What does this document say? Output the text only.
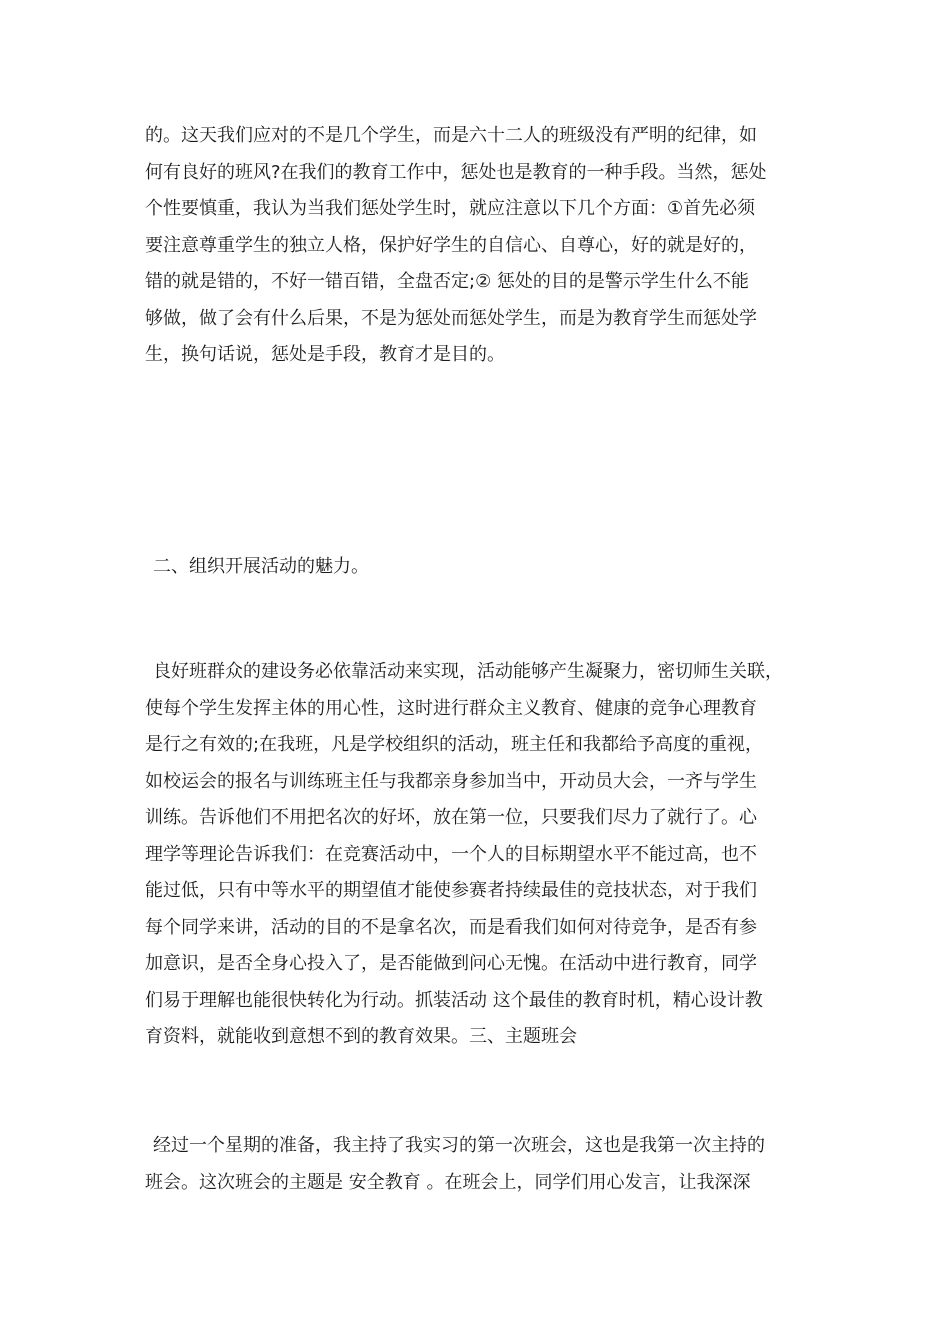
的。这天我们应对的不是几个学生，而是六十二人的班级没有严明的纪律，如
何有良好的班风?在我们的教育工作中，惩处也是教育的一种手段。当然，惩处
个性要慎重，我认为当我们惩处学生时，就应注意以下几个方面：①首先必须
要注意尊重学生的独立人格，保护好学生的自信心、自尊心，好的就是好的，
错的就是错的，不好一错百错，全盘否定;② 惩处的目的是警示学生什么不能
够做，做了会有什么后果，不是为惩处而惩处学生，而是为教育学生而惩处学
生，换句话说，惩处是手段，教育才是目的。
二、组织开展活动的魅力。
良好班群众的建设务必依靠活动来实现，活动能够产生凝聚力，密切师生关联，
使每个学生发挥主体的用心性，这时进行群众主义教育、健康的竞争心理教育
是行之有效的;在我班，凡是学校组织的活动，班主任和我都给予高度的重视，
如校运会的报名与训练班主任与我都亲身参加当中，开动员大会，一齐与学生
训练。告诉他们不用把名次的好坏，放在第一位，只要我们尽力了就行了。心
理学等理论告诉我们：在竞赛活动中，一个人的目标期望水平不能过高，也不
能过低，只有中等水平的期望值才能使参赛者持续最佳的竞技状态，对于我们
每个同学来讲，活动的目的不是拿名次，而是看我们如何对待竞争，是否有参
加意识，是否全身心投入了，是否能做到问心无愧。在活动中进行教育，同学
们易于理解也能很快转化为行动。抓装活动 这个最佳的教育时机，精心设计教
育资料，就能收到意想不到的教育效果。三、主题班会
经过一个星期的准备，我主持了我实习的第一次班会，这也是我第一次主持的
班会。这次班会的主题是 安全教育 。在班会上，同学们用心发言，让我深深
